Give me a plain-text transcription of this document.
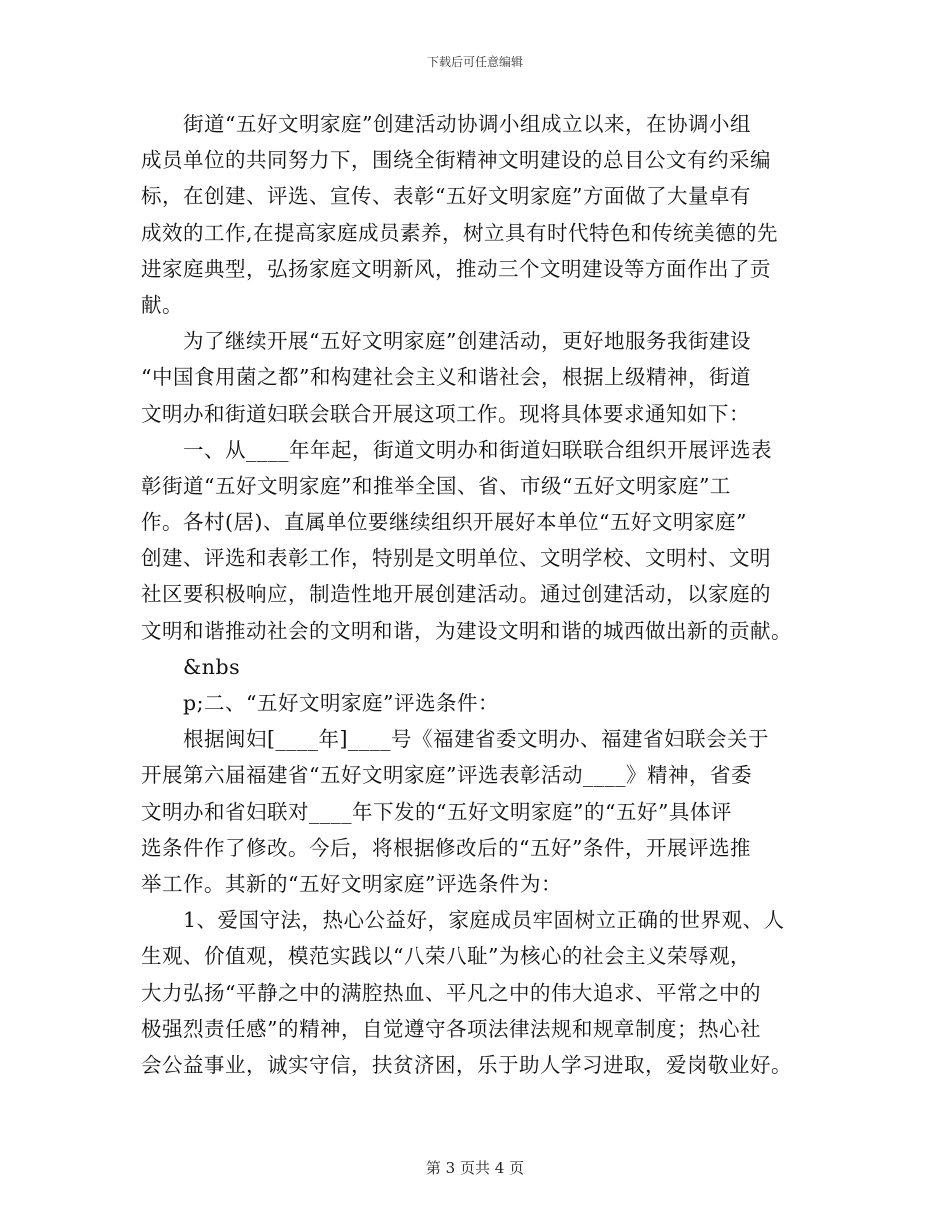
下载后可任意编辑
街道“五好文明家庭”创建活动协调小组成立以来，在协调小组
成员单位的共同努力下，围绕全街精神文明建设的总目公文有约采编
标，在创建、评选、宣传、表彰“五好文明家庭”方面做了大量卓有
成效的工作,在提高家庭成员素养，树立具有时代特色和传统美德的先
进家庭典型，弘扬家庭文明新风，推动三个文明建设等方面作出了贡
献。
为了继续开展“五好文明家庭”创建活动，更好地服务我街建设
“中国食用菌之都”和构建社会主义和谐社会，根据上级精神，街道
文明办和街道妇联会联合开展这项工作。现将具体要求通知如下：
一、从____年年起，街道文明办和街道妇联联合组织开展评选表
彰街道“五好文明家庭”和推举全国、省、市级“五好文明家庭”工
作。各村(居)、直属单位要继续组织开展好本单位“五好文明家庭”
创建、评选和表彰工作，特别是文明单位、文明学校、文明村、文明
社区要积极响应，制造性地开展创建活动。通过创建活动，以家庭的
文明和谐推动社会的文明和谐，为建设文明和谐的城西做出新的贡献。
&nbs
p;二、“五好文明家庭”评选条件：
根据闽妇[____年]____号《福建省委文明办、福建省妇联会关于
开展第六届福建省“五好文明家庭”评选表彰活动____》精神，省委
文明办和省妇联对____年下发的“五好文明家庭”的“五好”具体评
选条件作了修改。今后，将根据修改后的“五好”条件，开展评选推
举工作。其新的“五好文明家庭”评选条件为：
1、爱国守法，热心公益好，家庭成员牢固树立正确的世界观、人
生观、价值观，模范实践以“八荣八耻”为核心的社会主义荣辱观，
大力弘扬“平静之中的满腔热血、平凡之中的伟大追求、平常之中的
极强烈责任感”的精神，自觉遵守各项法律法规和规章制度；热心社
会公益事业，诚实守信，扶贫济困，乐于助人学习进取，爱岗敬业好。
第 3 页共 4 页
